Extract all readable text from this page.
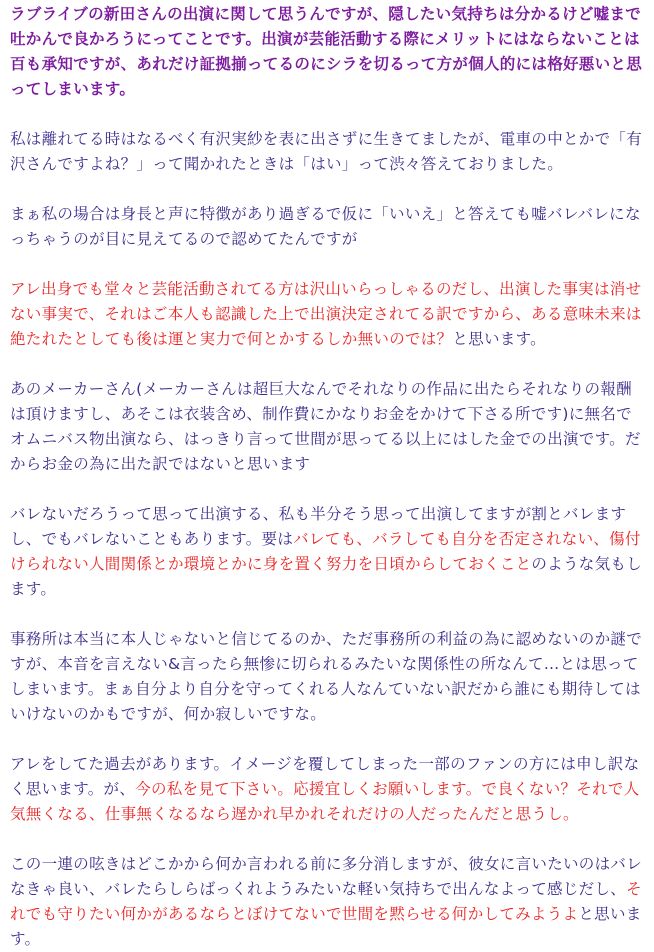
ラブライブの新田さんの出演に関して思うんですが、隠したい気持ちは分かるけど嘘まで吐かんで良かろうにってことです。出演が芸能活動する際にメリットにはならないことは百も承知ですが、あれだけ証拠揃ってるのにシラを切るって方が個人的には格好悪いと思ってしまいます。

私は離れてる時はなるべく有沢実紗を表に出さずに生きてましたが、電車の中とかで「有沢さんですよね？」って聞かれたときは「はい」って渋々答えておりました。

まぁ私の場合は身長と声に特徴があり過ぎるで仮に「いいえ」と答えても嘘バレバレになっちゃうのが目に見えてるので認めてたんですが

アレ出身でも堂々と芸能活動されてる方は沢山いらっしゃるのだし、出演した事実は消せない事実で、それはご本人も認識した上で出演決定されてる訳ですから、ある意味未来は絶たれたとしても後は運と実力で何とかするしか無いのでは？と思います。

あのメーカーさん(メーカーさんは超巨大なんでそれなりの作品に出たらそれなりの報酬は頂けますし、あそこは衣装含め、制作費にかなりお金をかけて下さる所です)に無名でオムニバス物出演なら、はっきり言って世間が思ってる以上にはした金での出演です。だからお金の為に出た訳ではないと思います

バレないだろうって思って出演する、私も半分そう思って出演してますが割とバレますし、でもバレないこともあります。要はバレても、バラしても自分を否定されない、傷付けられない人間関係とか環境とかに身を置く努力を日頃からしておくことのような気もします。

事務所は本当に本人じゃないと信じてるのか、ただ事務所の利益の為に認めないのか謎ですが、本音を言えない&言ったら無惨に切られるみたいな関係性の所なんて…とは思ってしまいます。まぁ自分より自分を守ってくれる人なんていない訳だから誰にも期待してはいけないのかもですが、何か寂しいですな。

アレをしてた過去があります。イメージを覆してしまった一部のファンの方には申し訳なく思います。が、今の私を見て下さい。応援宜しくお願いします。で良くない？それで人気無くなる、仕事無くなるなら遅かれ早かれそれだけの人だったんだと思うし。

この一連の呟きはどこかから何か言われる前に多分消しますが、彼女に言いたいのはバレなきゃ良い、バレたらしらばっくれようみたいな軽い気持ちで出んなよって感じだし、それでも守りたい何かがあるならとぼけてないで世間を黙らせる何かしてみようよと思います。
